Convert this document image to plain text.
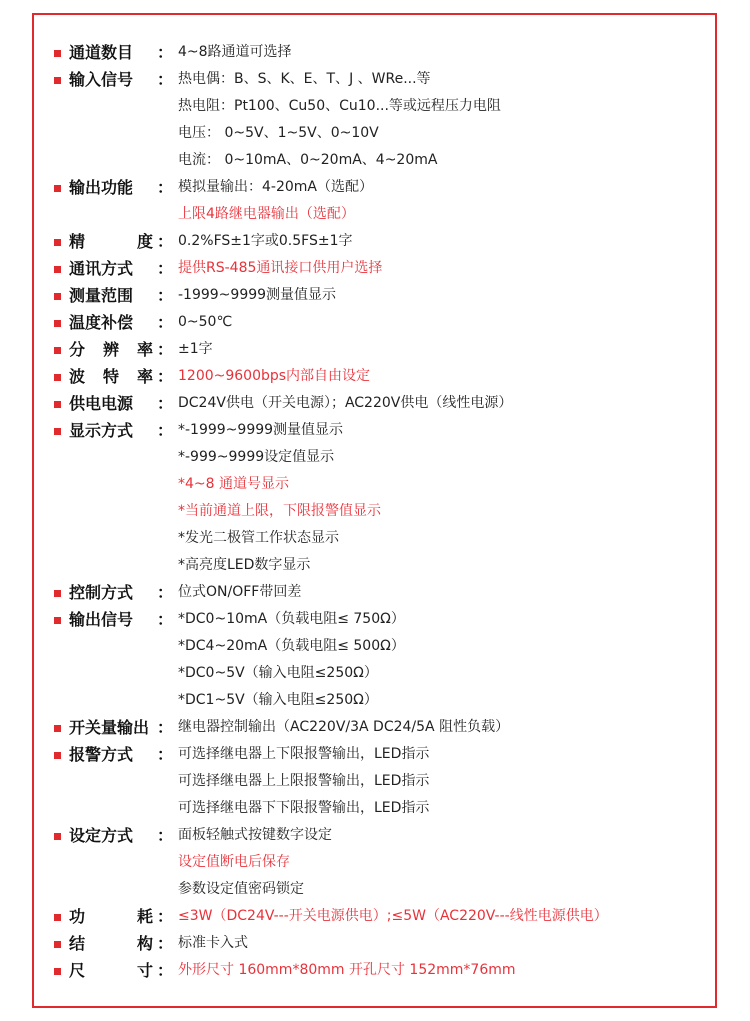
通道数目	： 4~8路通道可选择
输入信号	： 热电偶：B、S、K、E、T、J 、WRe...等
热电阻：Pt100、Cu50、Cu10...等或远程压力电阻
电压： 0~5V、1~5V、0~10V
电流： 0~10mA、0~20mA、4~20mA
输出功能	： 模拟量输出：4-20mA（选配）
上限4路继电器输出（选配）
精	度 ： 0.2%FS±1字或0.5FS±1字
通讯方式	： 提供RS-485通讯接口供用户选择
测量范围	： -1999~9999测量值显示
温度补偿	： 0~50℃
分 辨 率 ： ±1字
波 特 率 ： 1200~9600bps内部自由设定
供电电源	： DC24V供电（开关电源）；AC220V供电（线性电源）
显示方式	： *-1999~9999测量值显示
*-999~9999设定值显示
*4~8 通道号显示
*当前通道上限，下限报警值显示
*发光二极管工作状态显示
*高亮度LED数字显示
控制方式	： 位式ON/OFF带回差
输出信号	： *DC0~10mA（负载电阻≤ 750Ω）
*DC4~20mA（负载电阻≤ 500Ω）
*DC0~5V（输入电阻≤250Ω）
*DC1~5V（输入电阻≤250Ω）
开关量输出 ： 继电器控制输出（AC220V/3A DC24/5A 阻性负载）
报警方式	： 可选择继电器上下限报警输出，LED指示
可选择继电器上上限报警输出，LED指示
可选择继电器下下限报警输出，LED指示
设定方式	： 面板轻触式按键数字设定
设定值断电后保存
参数设定值密码锁定
功	耗 ： ≤3W（DC24V---开关电源供电）;≤5W（AC220V---线性电源供电）
结	构 ： 标准卡入式
尺	寸 ： 外形尺寸 160mm*80mm 开孔尺寸 152mm*76mm
